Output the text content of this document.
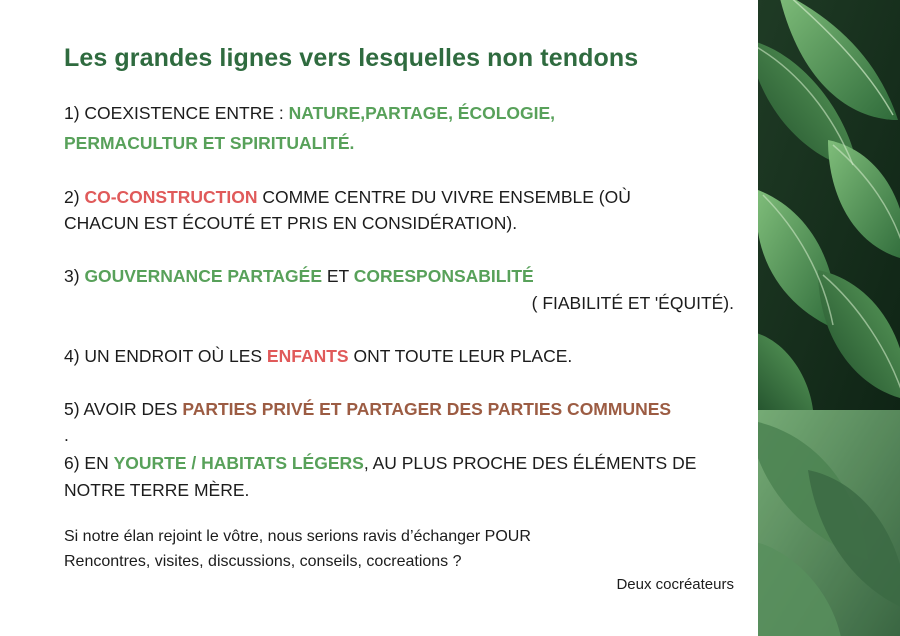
Les grandes lignes vers lesquelles non tendons

1) COEXISTENCE ENTRE : NATURE,PARTAGE, ÉCOLOGIE,

PERMACULTUR ET SPIRITUALITÉ.

2) CO-CONSTRUCTION COMME CENTRE DU VIVRE ENSEMBLE (OÙ

CHACUN EST ÉCOUTÉ ET PRIS EN CONSIDÉRATION).

3) GOUVERNANCE PARTAGÉE ET CORESPONSABILITÉ

( FIABILITÉ ET 'ÉQUITÉ).

4) UN ENDROIT OÙ LES ENFANTS ONT TOUTE LEUR PLACE.

5) AVOIR DES PARTIES PRIVÉ ET PARTAGER DES PARTIES COMMUNES

.

6) EN YOURTE / HABITATS LÉGERS, AU PLUS PROCHE DES ÉLÉMENTS DE

NOTRE TERRE MÈRE.

Si notre élan rejoint le vôtre, nous serions ravis d’échanger POUR

Rencontres, visites, discussions, conseils, cocreations ?

Deux cocréateurs
